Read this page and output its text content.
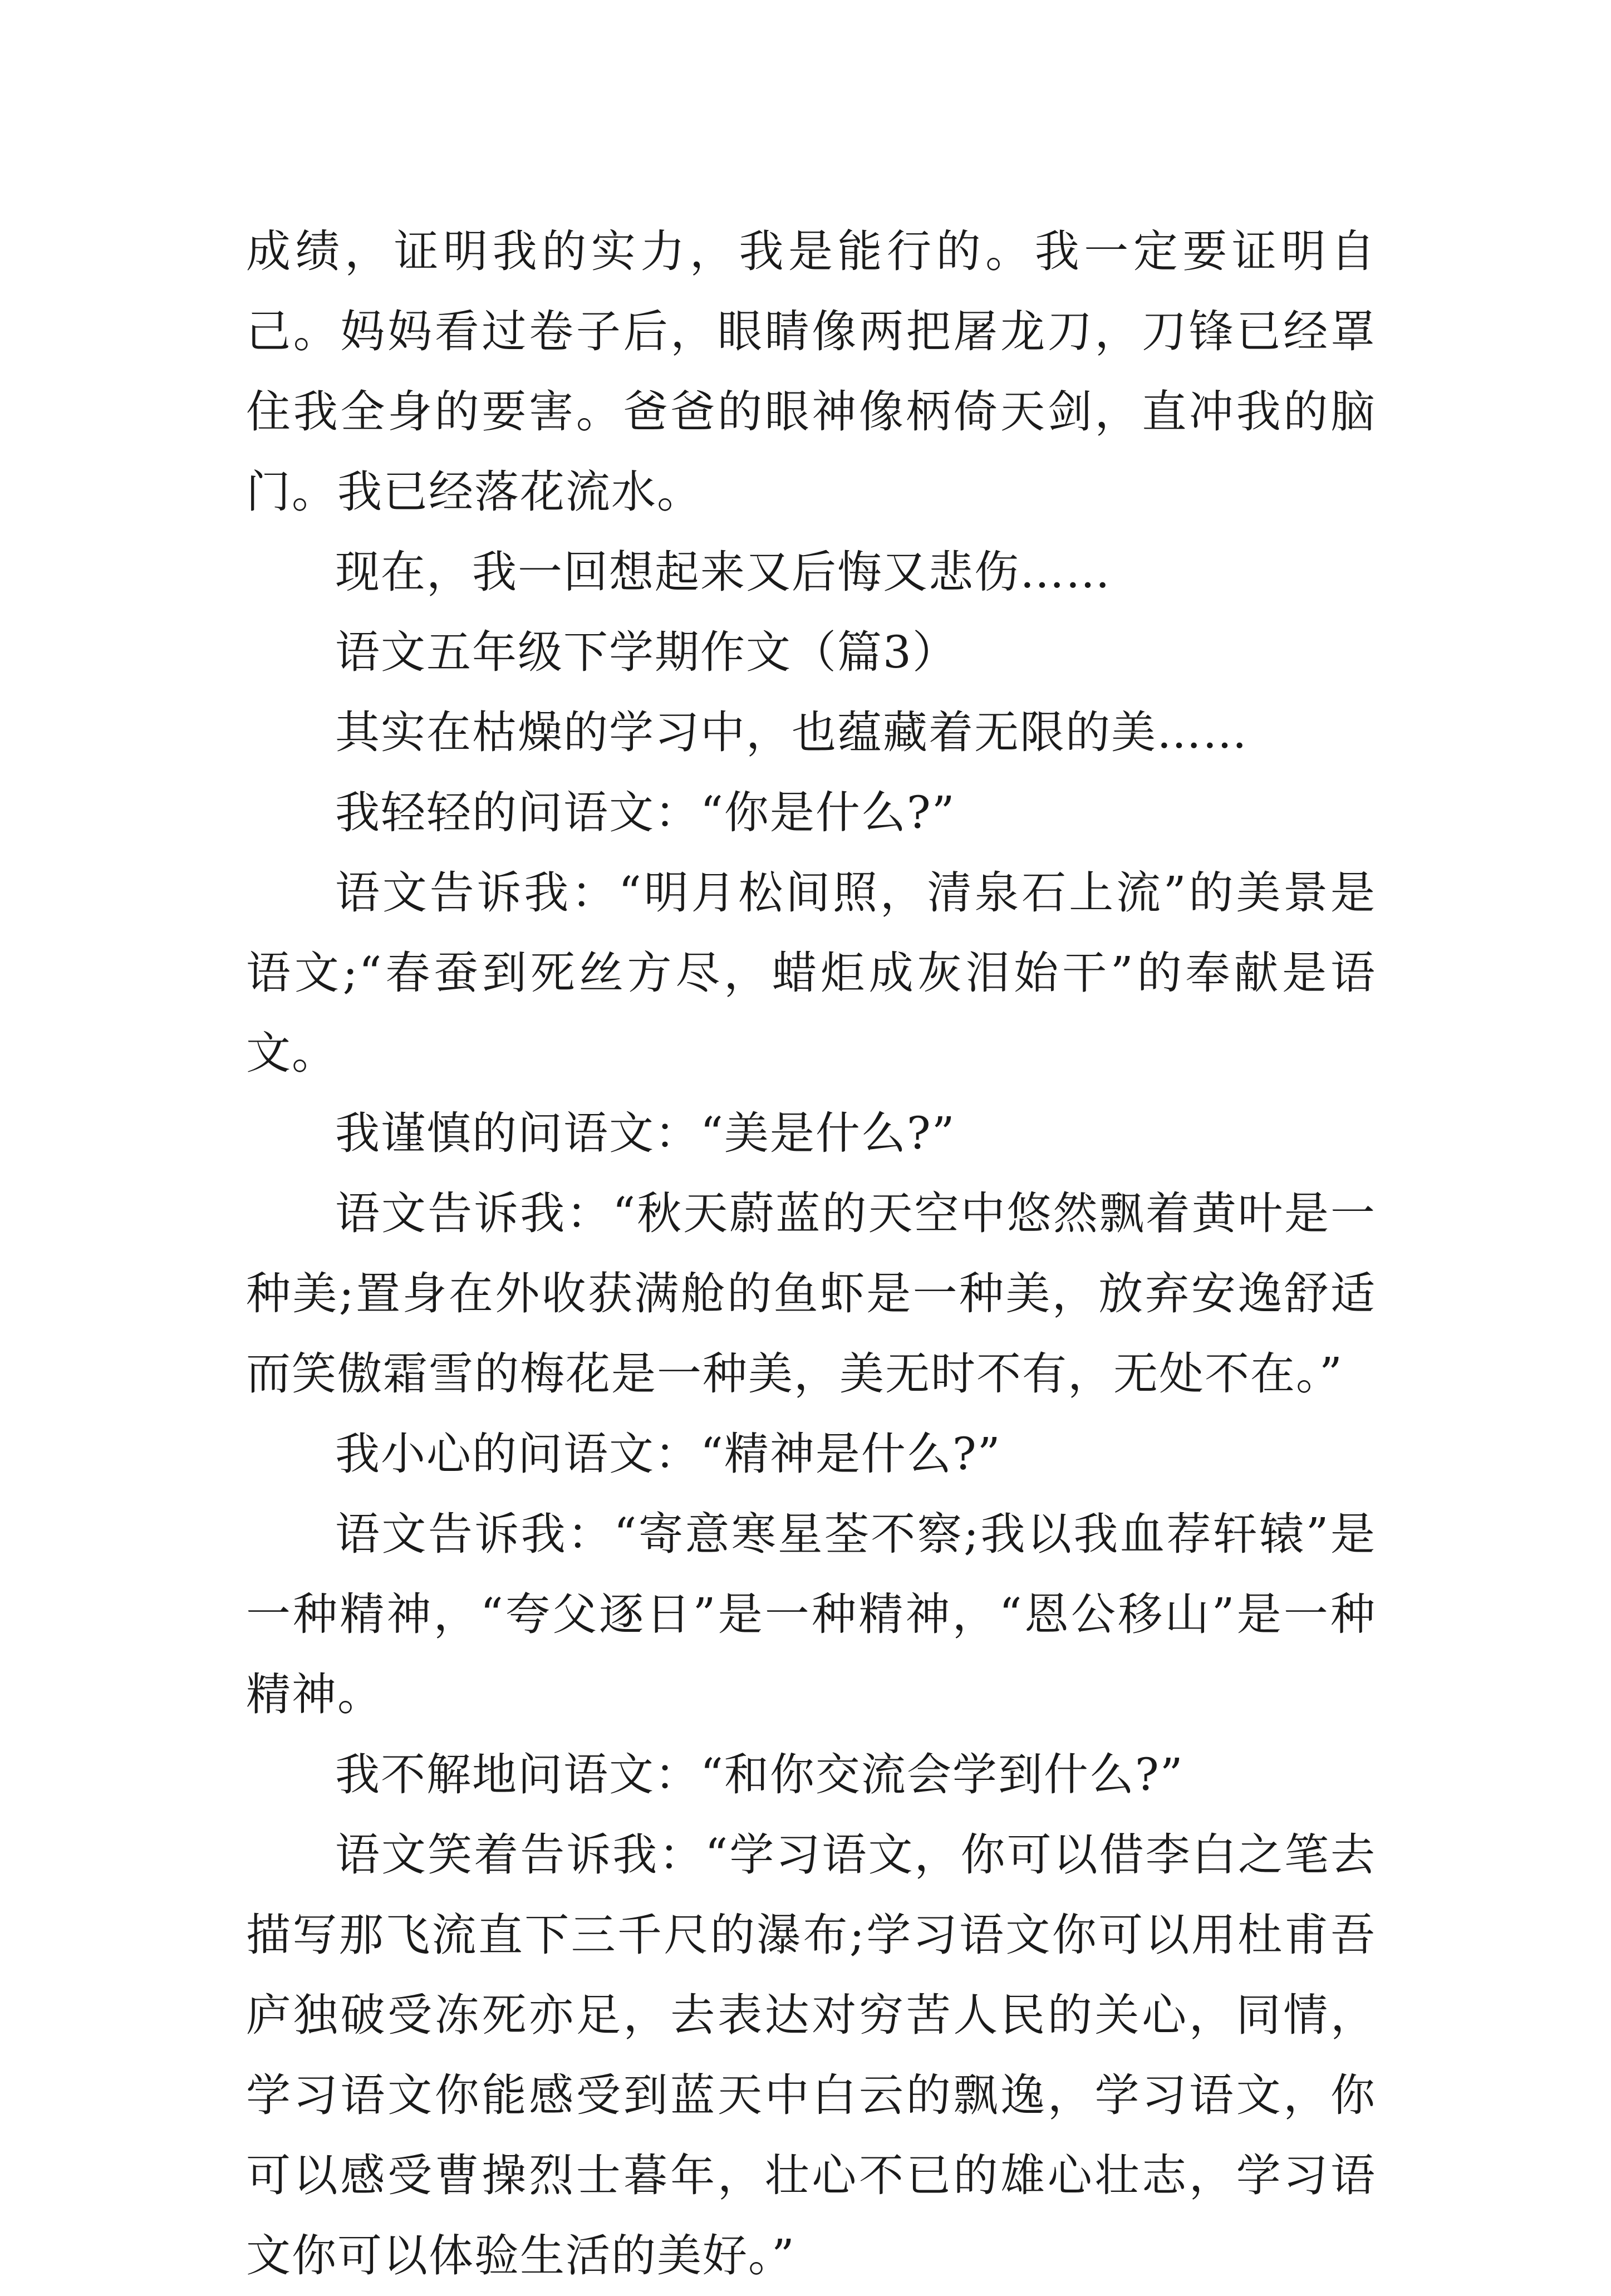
成绩，证明我的实力，我是能行的。我一定要证明自己。妈妈看过卷子后，眼睛像两把屠龙刀，刀锋已经罩住我全身的要害。爸爸的眼神像柄倚天剑，直冲我的脑门。我已经落花流水。

现在，我一回想起来又后悔又悲伤……

语文五年级下学期作文（篇3）

其实在枯燥的学习中，也蕴藏着无限的美……

我轻轻的问语文：“你是什么?”

语文告诉我：“明月松间照，清泉石上流”的美景是语文;“春蚕到死丝方尽，蜡炬成灰泪始干”的奉献是语文。

我谨慎的问语文：“美是什么?”

语文告诉我：“秋天蔚蓝的天空中悠然飘着黄叶是一种美;置身在外收获满舱的鱼虾是一种美，放弃安逸舒适而笑傲霜雪的梅花是一种美，美无时不有，无处不在。”

我小心的问语文：“精神是什么?”

语文告诉我：“寄意寒星荃不察;我以我血荐轩辕”是一种精神，“夸父逐日”是一种精神，“恩公移山”是一种精神。

我不解地问语文：“和你交流会学到什么?”

语文笑着告诉我：“学习语文，你可以借李白之笔去描写那飞流直下三千尺的瀑布;学习语文你可以用杜甫吾庐独破受冻死亦足，去表达对穷苦人民的关心，同情，学习语文你能感受到蓝天中白云的飘逸，学习语文，你可以感受曹操烈士暮年，壮心不已的雄心壮志，学习语文你可以体验生活的美好。”
